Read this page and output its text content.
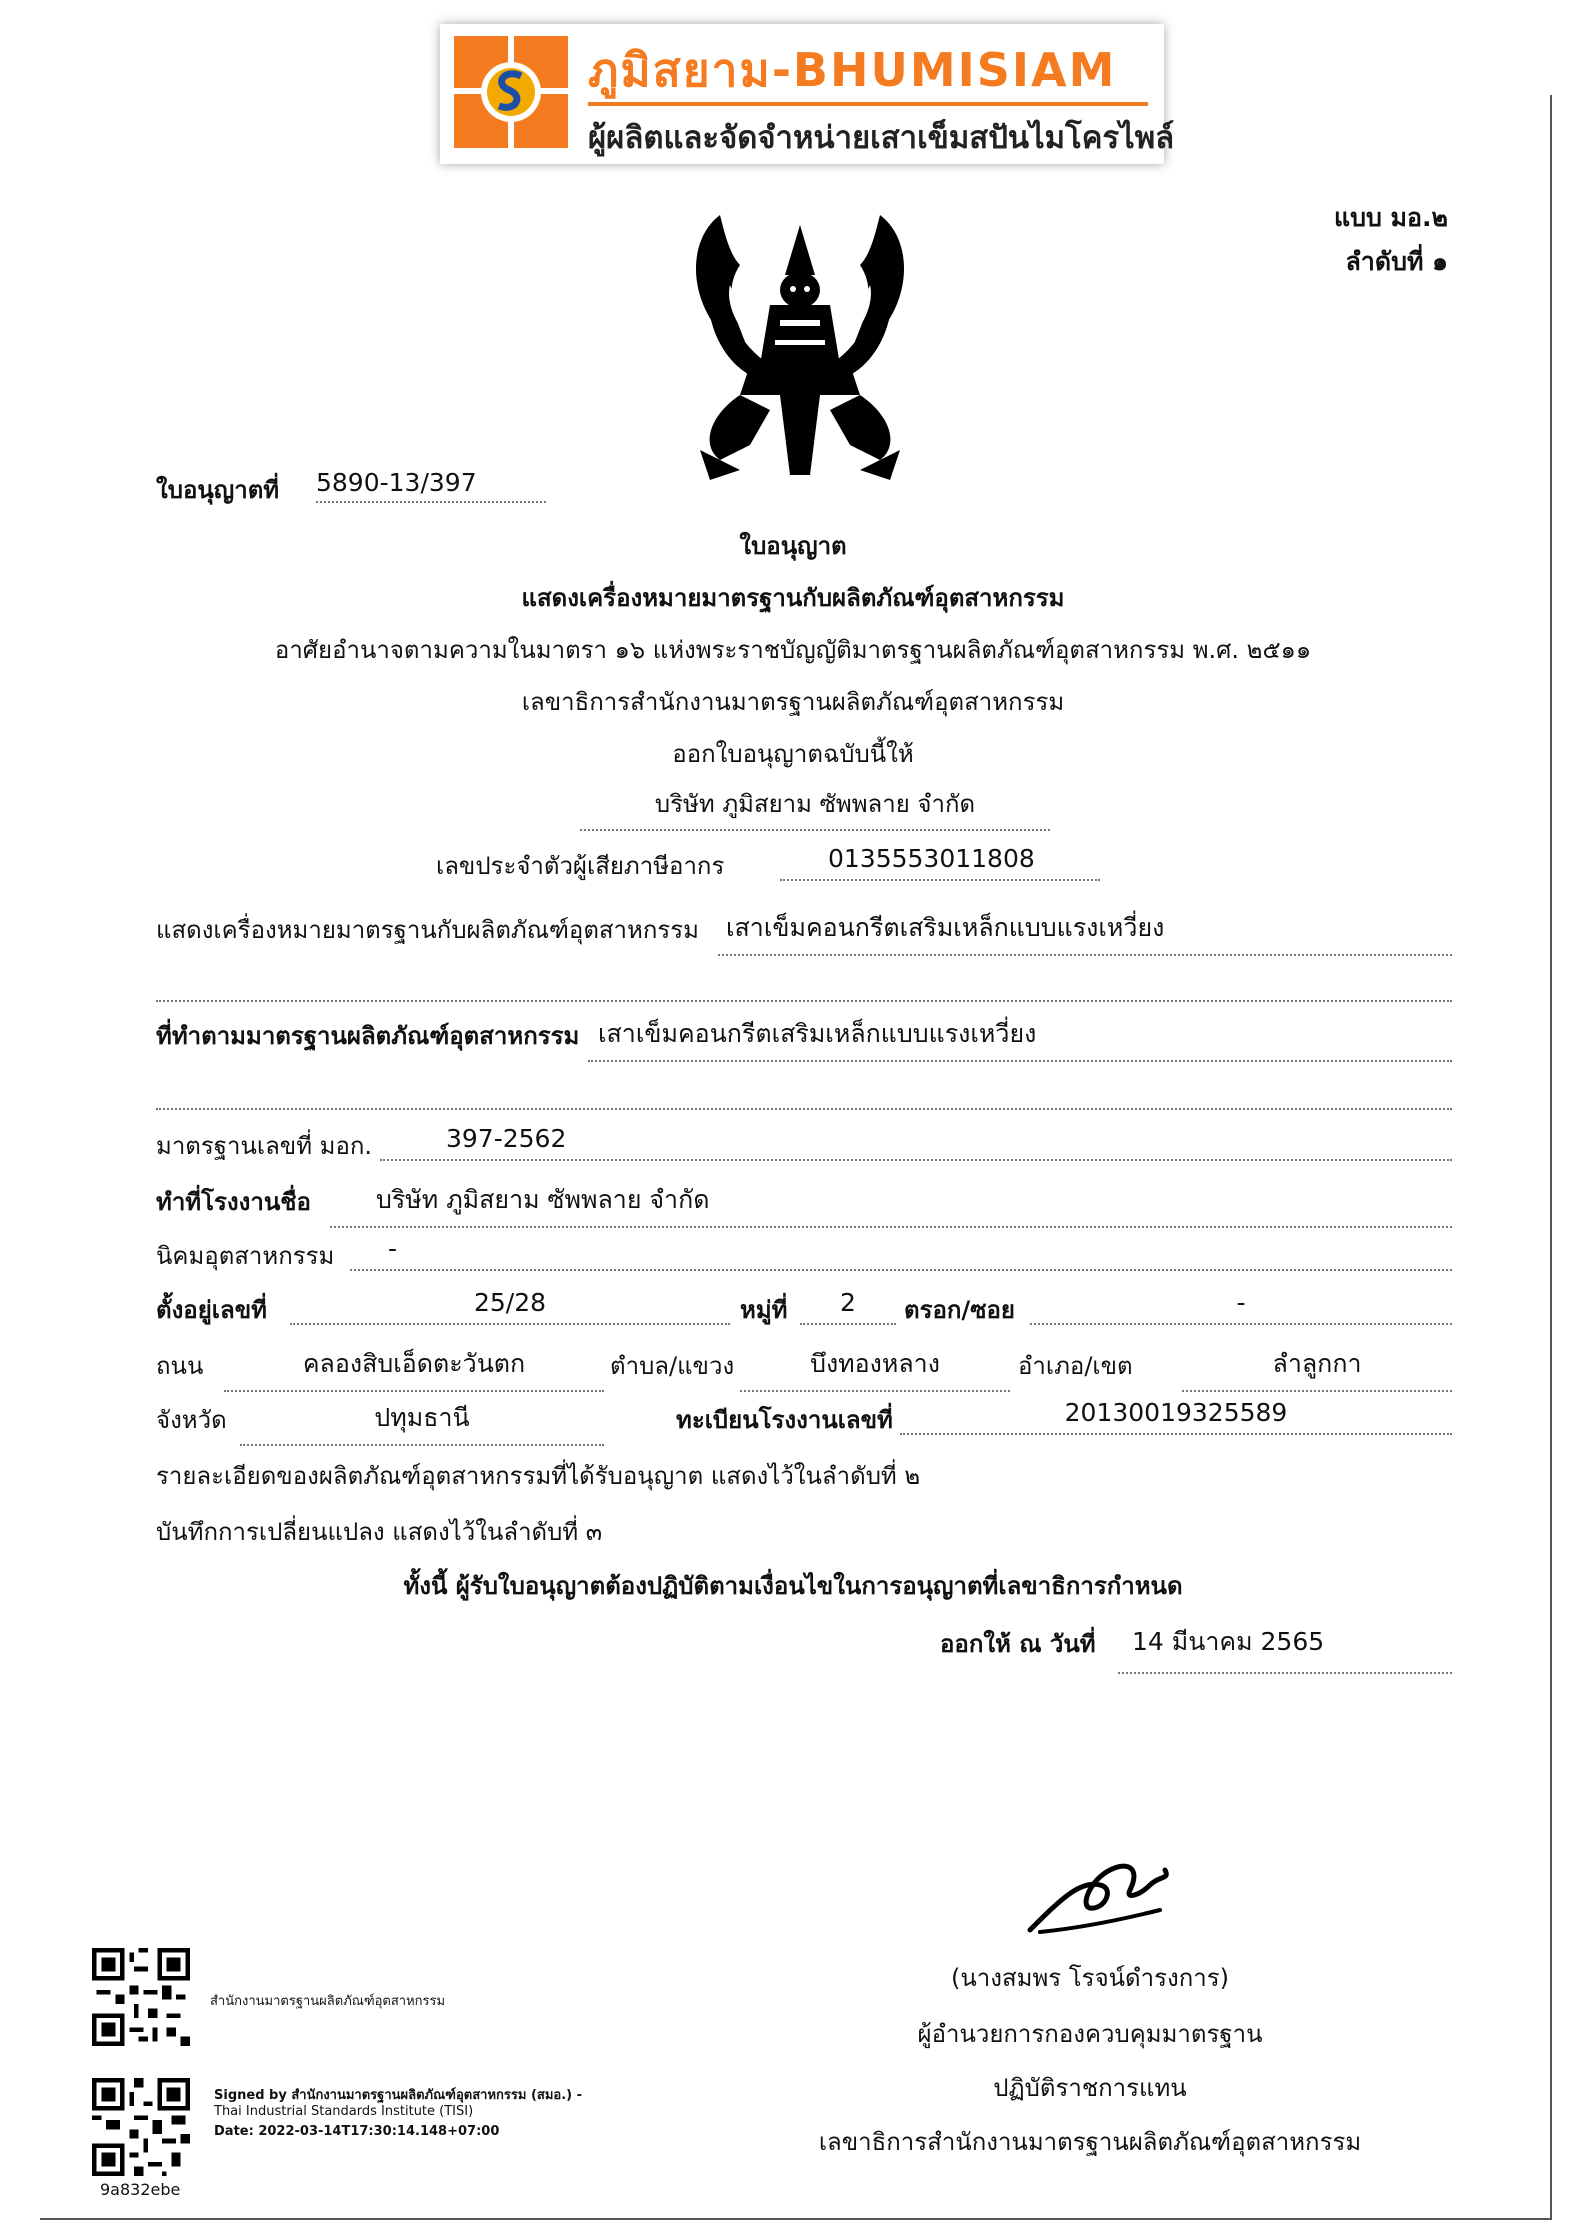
ภูมิสยาม-BHUMISIAM
ผู้ผลิตและจัดจำหน่ายเสาเข็มสปันไมโครไพล์
แบบ มอ.๒
ลำดับที่ ๑
ใบอนุญาตที่ 5890-13/397
ใบอนุญาต
แสดงเครื่องหมายมาตรฐานกับผลิตภัณฑ์อุตสาหกรรม
อาศัยอำนาจตามความในมาตรา ๑๖ แห่งพระราชบัญญัติมาตรฐานผลิตภัณฑ์อุตสาหกรรม พ.ศ. ๒๕๑๑
เลขาธิการสำนักงานมาตรฐานผลิตภัณฑ์อุตสาหกรรม
ออกใบอนุญาตฉบับนี้ให้
บริษัท ภูมิสยาม ซัพพลาย จำกัด
เลขประจำตัวผู้เสียภาษีอากร	0135553011808
แสดงเครื่องหมายมาตรฐานกับผลิตภัณฑ์อุตสาหกรรม	เสาเข็มคอนกรีตเสริมเหล็กแบบแรงเหวี่ยง
ที่ทำตามมาตรฐานผลิตภัณฑ์อุตสาหกรรม เสาเข็มคอนกรีตเสริมเหล็กแบบแรงเหวี่ยง
มาตรฐานเลขที่ มอก.	397-2562
ทำที่โรงงานชื่อ	บริษัท ภูมิสยาม ซัพพลาย จำกัด
นิคมอุตสาหกรรม	-
ตั้งอยู่เลขที่	25/28	หมู่ที่	2	ตรอก/ซอย	-
ถนน	คลองสิบเอ็ดตะวันตก	ตำบล/แขวง	บึงทองหลาง	อำเภอ/เขต	ลำลูกกา
จังหวัด	ปทุมธานี	ทะเบียนโรงงานเลขที่	20130019325589
รายละเอียดของผลิตภัณฑ์อุตสาหกรรมที่ได้รับอนุญาต แสดงไว้ในลำดับที่ ๒
บันทึกการเปลี่ยนแปลง แสดงไว้ในลำดับที่ ๓
ทั้งนี้ ผู้รับใบอนุญาตต้องปฏิบัติตามเงื่อนไขในการอนุญาตที่เลขาธิการกำหนด
ออกให้ ณ วันที่	14 มีนาคม 2565
(นางสมพร โรจน์ดำรงการ)
ผู้อำนวยการกองควบคุมมาตรฐาน
ปฏิบัติราชการแทน
เลขาธิการสำนักงานมาตรฐานผลิตภัณฑ์อุตสาหกรรม
สำนักงานมาตรฐานผลิตภัณฑ์อุตสาหกรรม
Signed by สำนักงานมาตรฐานผลิตภัณฑ์อุตสาหกรรม (สมอ.) -
Thai Industrial Standards Institute (TISI)
Date: 2022-03-14T17:30:14.148+07:00
9a832ebe
